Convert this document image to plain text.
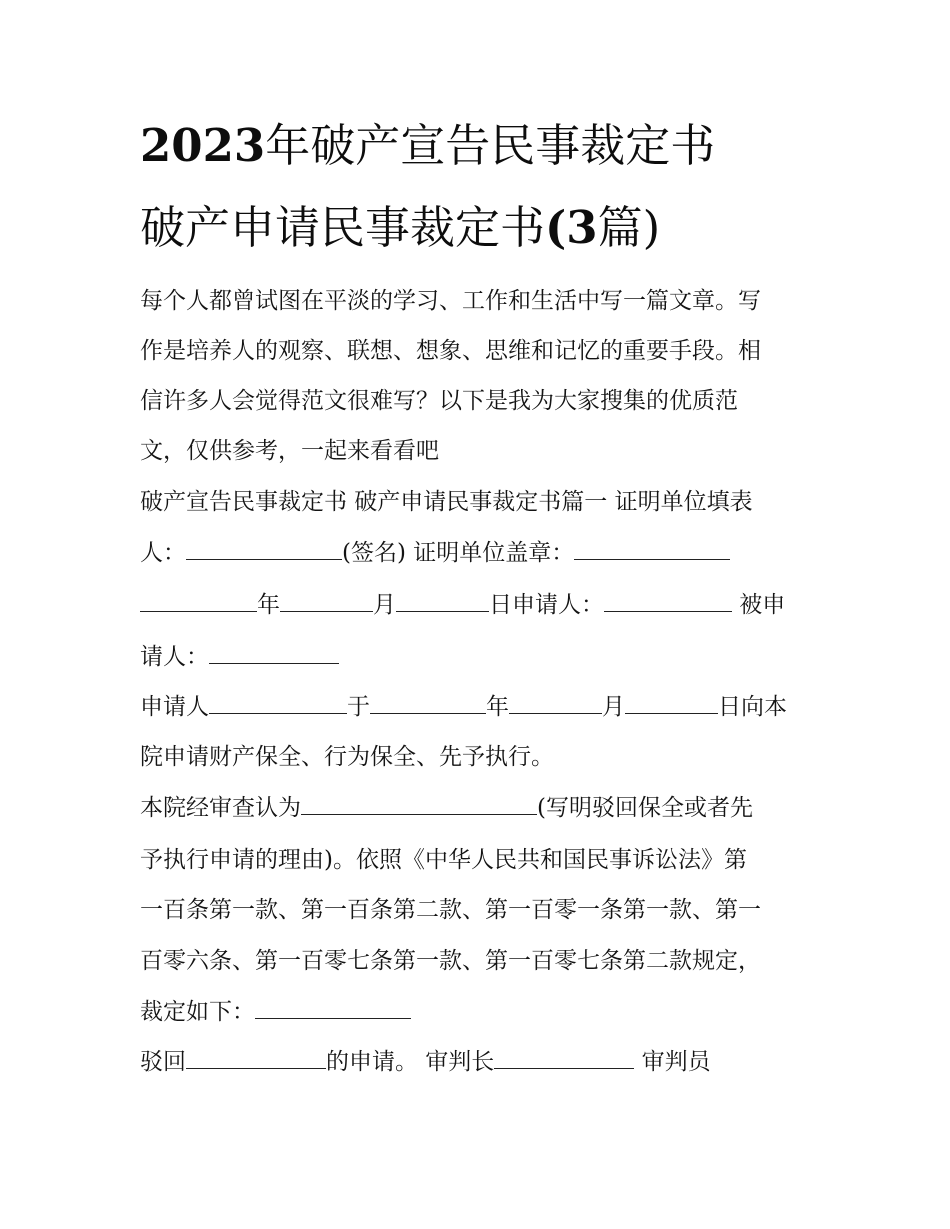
2023年破产宣告民事裁定书
破产申请民事裁定书(3篇)
每个人都曾试图在平淡的学习、工作和生活中写一篇文章。写
作是培养人的观察、联想、想象、思维和记忆的重要手段。相
信许多人会觉得范文很难写？以下是我为大家搜集的优质范
文，仅供参考，一起来看看吧
破产宣告民事裁定书 破产申请民事裁定书篇一 证明单位填表
人：	(签名) 证明单位盖章：
年	月	日申请人：	被申
请人：
申请人	于	年	月	日向本
院申请财产保全、行为保全、先予执行。
本院经审查认为	(写明驳回保全或者先
予执行申请的理由)。依照《中华人民共和国民事诉讼法》第
一百条第一款、第一百条第二款、第一百零一条第一款、第一
百零六条、第一百零七条第一款、第一百零七条第二款规定，
裁定如下：
驳回	的申请。 审判长	审判员
